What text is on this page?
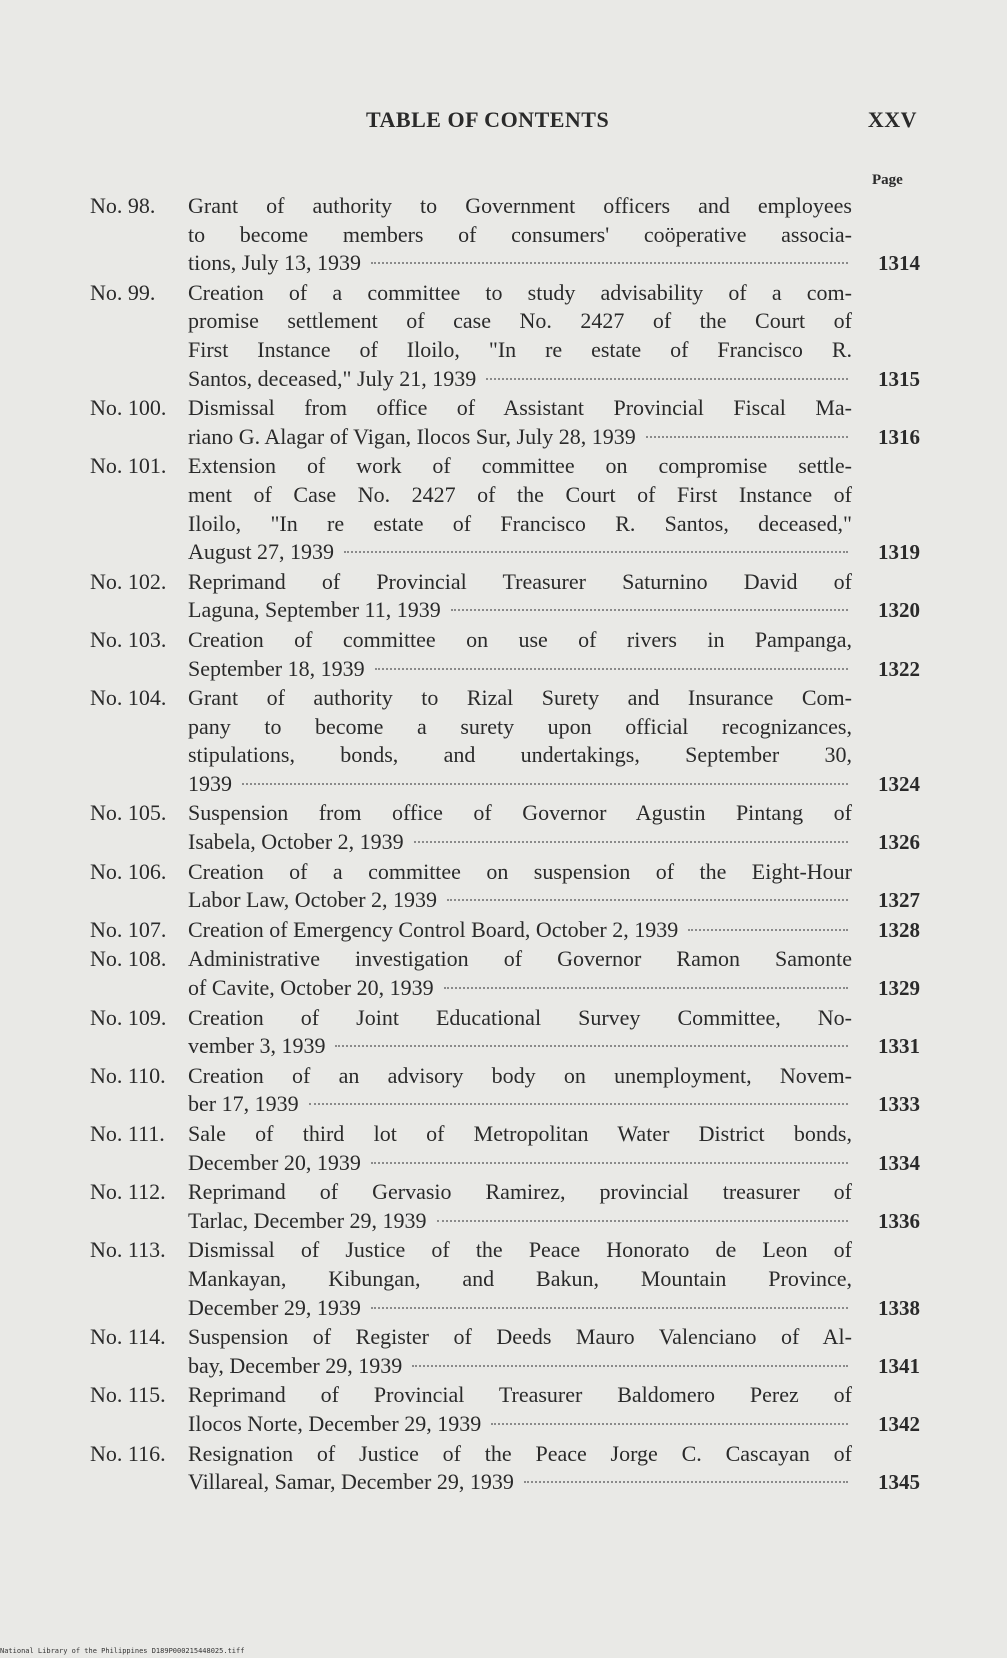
TABLE OF CONTENTS	XXV
Page
No. 98.	Grant of authority to Government officers and employees
to become members of consumers' coöperative associa-
tions, July 13, 1939	1314
No. 99.	Creation of a committee to study advisability of a com-
promise settlement of case No. 2427 of the Court of
First Instance of Iloilo, "In re estate of Francisco R.
Santos, deceased," July 21, 1939	1315
No. 100. Dismissal from office of Assistant Provincial Fiscal Ma-
riano G. Alagar of Vigan, Ilocos Sur, July 28, 1939	1316
No. 101. Extension of work of committee on compromise settle-
ment of Case No. 2427 of the Court of First Instance of
Iloilo, "In re estate of Francisco R. Santos, deceased,"
August 27, 1939	1319
No. 102. Reprimand of Provincial Treasurer Saturnino David of
Laguna, September 11, 1939	1320
No. 103. Creation of committee on use of rivers in Pampanga,
September 18, 1939	1322
No. 104. Grant of authority to Rizal Surety and Insurance Com-
pany to become a surety upon official recognizances,
stipulations, bonds, and undertakings, September 30,
1939	1324
No. 105. Suspension from office of Governor Agustin Pintang of
Isabela, October 2, 1939	1326
No. 106. Creation of a committee on suspension of the Eight-Hour
Labor Law, October 2, 1939	1327
No. 107. Creation of Emergency Control Board, October 2, 1939	1328
No. 108. Administrative investigation of Governor Ramon Samonte
of Cavite, October 20, 1939	1329
No. 109. Creation of Joint Educational Survey Committee, No-
vember 3, 1939	1331
No. 110.	Creation of an advisory body on unemployment, Novem-
ber 17, 1939	1333
No. 111.	Sale of third lot of Metropolitan Water District bonds,
December 20, 1939	1334
No. 112.	Reprimand of Gervasio Ramirez, provincial treasurer of
Tarlac, December 29, 1939	1336
No. 113.	Dismissal of Justice of the Peace Honorato de Leon of
Mankayan, Kibungan, and Bakun, Mountain Province,
December 29, 1939	1338
No. 114.	Suspension of Register of Deeds Mauro Valenciano of Al-
bay, December 29, 1939	1341
No. 115.	Reprimand of Provincial Treasurer Baldomero Perez of
Ilocos Norte, December 29, 1939	1342
No. 116.	Resignation of Justice of the Peace Jorge C. Cascayan of
Villareal, Samar, December 29, 1939	1345
National Library of the Philippines D189P000215448025.tiff
